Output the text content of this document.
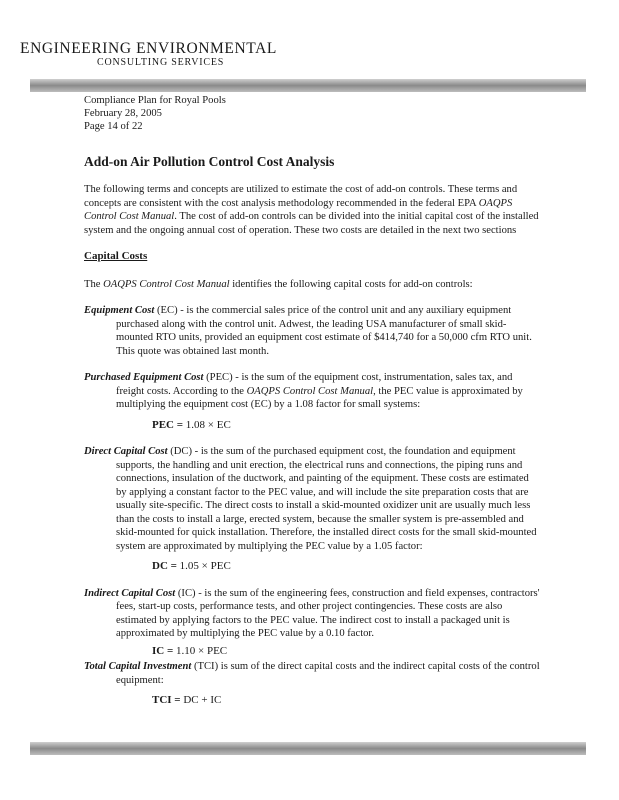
ENGINEERING ENVIRONMENTAL
CONSULTING SERVICES
Compliance Plan for Royal Pools
February 28, 2005
Page 14 of 22
Add-on Air Pollution Control Cost Analysis

The following terms and concepts are utilized to estimate the cost of add-on controls. These terms and concepts are consistent with the cost analysis methodology recommended in the federal EPA OAQPS Control Cost Manual. The cost of add-on controls can be divided into the initial capital cost of the installed system and the ongoing annual cost of operation. These two costs are detailed in the next two sections

Capital Costs

The OAQPS Control Cost Manual identifies the following capital costs for add-on controls:

Equipment Cost (EC) - is the commercial sales price of the control unit and any auxiliary equipment purchased along with the control unit. Adwest, the leading USA manufacturer of small skid-mounted RTO units, provided an equipment cost estimate of $414,740 for a 50,000 cfm RTO unit. This quote was obtained last month.

Purchased Equipment Cost (PEC) - is the sum of the equipment cost, instrumentation, sales tax, and freight costs. According to the OAQPS Control Cost Manual, the PEC value is approximated by multiplying the equipment cost (EC) by a 1.08 factor for small systems:

PEC = 1.08 × EC

Direct Capital Cost (DC) - is the sum of the purchased equipment cost, the foundation and equipment supports, the handling and unit erection, the electrical runs and connections, the piping runs and connections, insulation of the ductwork, and painting of the equipment. These costs are estimated by applying a constant factor to the PEC value, and will include the site preparation costs that are usually site-specific. The direct costs to install a skid-mounted oxidizer unit are usually much less than the costs to install a large, erected system, because the smaller system is pre-assembled and skid-mounted for quick installation. Therefore, the installed direct costs for the small skid-mounted system are approximated by multiplying the PEC value by a 1.05 factor:

DC = 1.05 × PEC

Indirect Capital Cost (IC) - is the sum of the engineering fees, construction and field expenses, contractors' fees, start-up costs, performance tests, and other project contingencies. These costs are also estimated by applying factors to the PEC value. The indirect cost to install a packaged unit is approximated by multiplying the PEC value by a 0.10 factor.

IC = 1.10 × PEC

Total Capital Investment (TCI) is sum of the direct capital costs and the indirect capital costs of the control equipment:

TCI = DC + IC
